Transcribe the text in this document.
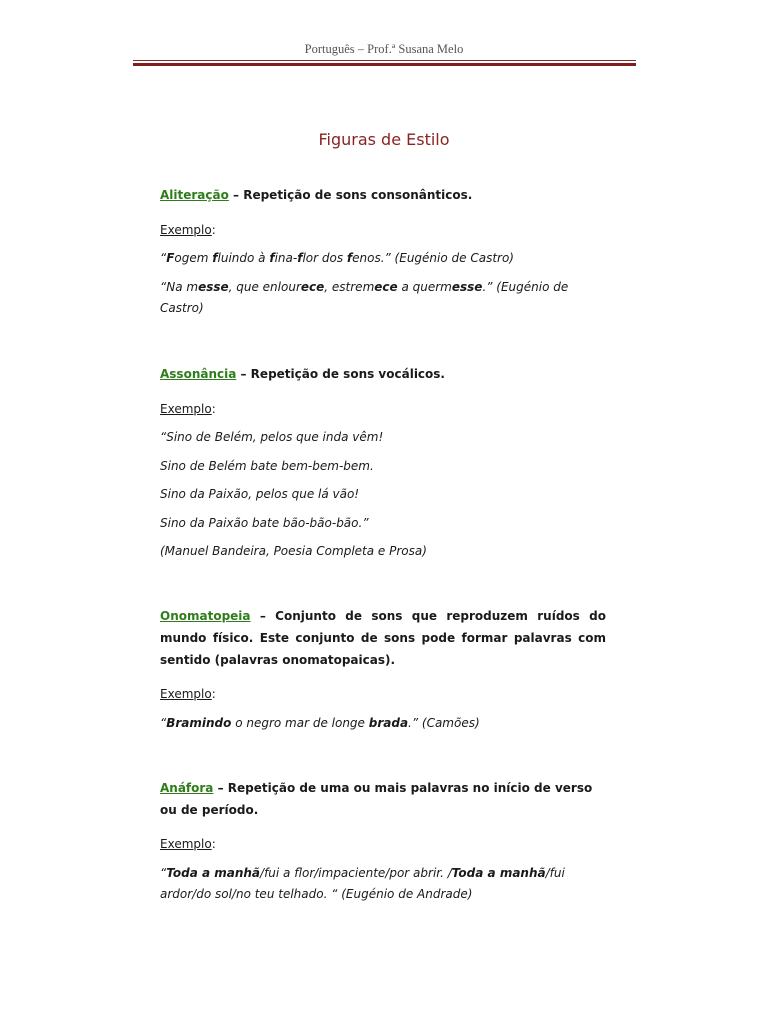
Português – Prof.ª Susana Melo
Figuras de Estilo

Aliteração – Repetição de sons consonânticos.

Exemplo:

“Fogem fluindo à fina-flor dos fenos.” (Eugénio de Castro)

“Na messe, que enlourece, estremece a quermesse.” (Eugénio de Castro)

Assonância – Repetição de sons vocálicos.

Exemplo:

“Sino de Belém, pelos que inda vêm!

Sino de Belém bate bem-bem-bem.

Sino da Paixão, pelos que lá vão!

Sino da Paixão bate bão-bão-bão.”

(Manuel Bandeira, Poesia Completa e Prosa)

Onomatopeia – Conjunto de sons que reproduzem ruídos do mundo físico. Este conjunto de sons pode formar palavras com sentido (palavras onomatopaicas).

Exemplo:

“Bramindo o negro mar de longe brada.” (Camões)

Anáfora – Repetição de uma ou mais palavras no início de verso ou de período.

Exemplo:

“Toda a manhã/fui a flor/impaciente/por abrir. /Toda a manhã/fui ardor/do sol/no teu telhado. “ (Eugénio de Andrade)
